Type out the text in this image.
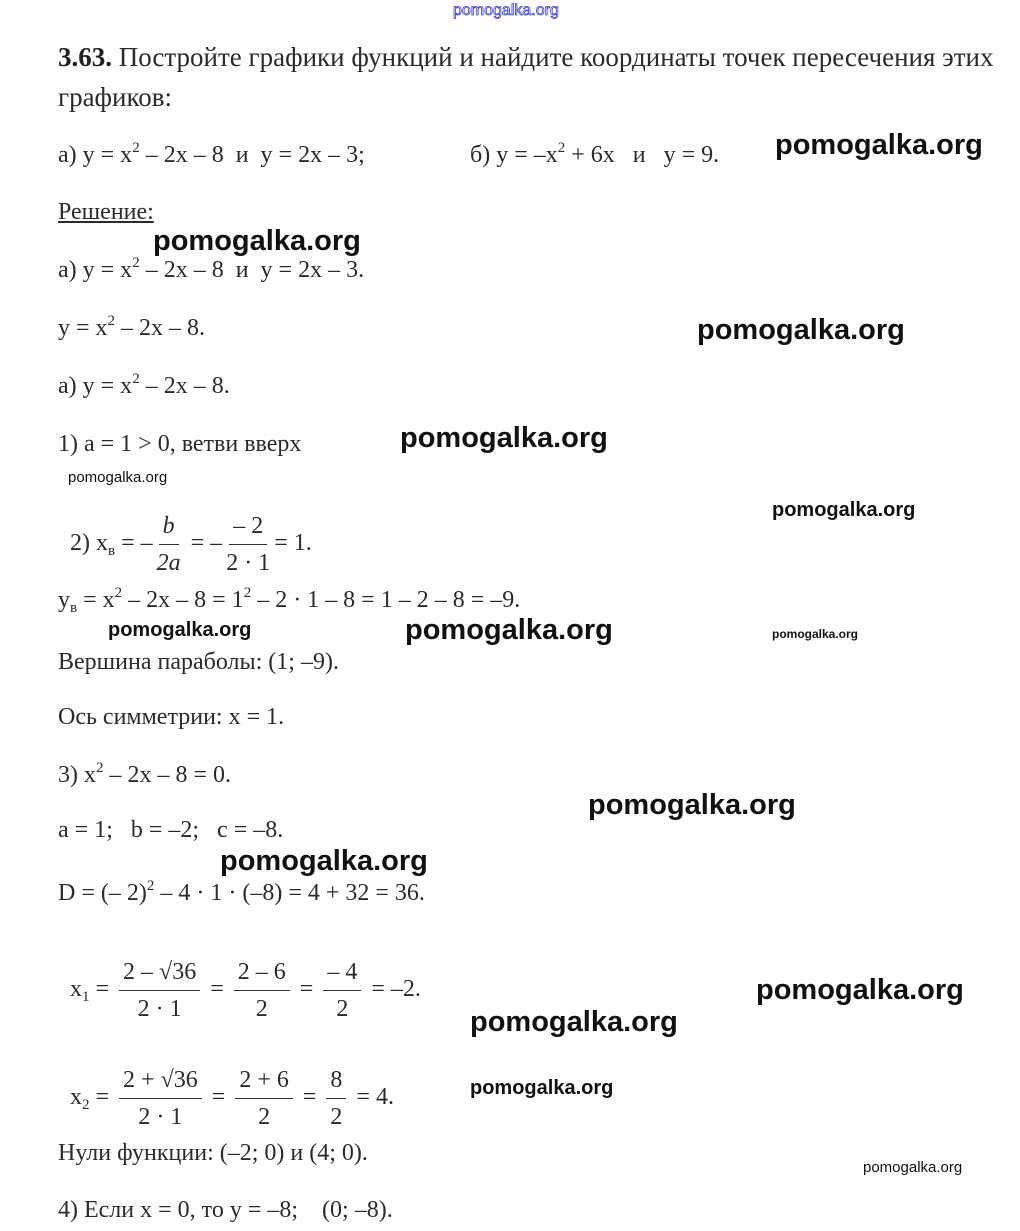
pomogalka.org
3.63. Постройте графики функций и найдите координаты точек пересечения этих
графиков:
а) $y = x^2 - 2x - 8$  и  y = 2x – 3;	б) $y = -x^2 + 6x$   и   y = 9. pomogalka.org
Решение:
pomogalka.org
а) $y = x^2 - 2x - 8$  и  y = 2x – 3.
$y = x^2 - 2x - 8$.	pomogalka.org
а) $y = x^2 - 2x - 8$.
1) a = 1 > 0, ветви вверх	pomogalka.org
pomogalka.org

2) $x_в$ = – $\frac{b}{2a}$ = – $\frac{- 2}{2 \cdot 1} = 1$.

pomogalka.org
$y_в = x^2 - 2x - 8 = 1^2 - 2 \cdot 1 - 8 = 1 - 2 - 8 = -9$.
pomogalka.org	pomogalka.org	pomogalka.org
Вершина параболы: (1; –9).
Ось симметрии: x = 1.
3) $x^2 - 2x - 8 = 0$.
pomogalka.org
a = 1;   b = –2;   c = –8.
pomogalka.org
D = (– 2)$^2$ – 4 · 1 · (–8) = 4 + 32 = 36.

$x_1 = \frac{2 - √36}{2 \cdot 1} = \frac{2 - 6}{2} = \frac{- 4}{2} = -2$.	pomogalka.org
pomogalka.org

$x_2 = \frac{2 + √36}{2 \cdot 1} = \frac{2 + 6}{2} = \frac{8}{2} = 4$.	pomogalka.org
Нули функции: (–2; 0) и (4; 0).
pomogalka.org
4) Если x = 0, то y = –8;    (0; –8).
